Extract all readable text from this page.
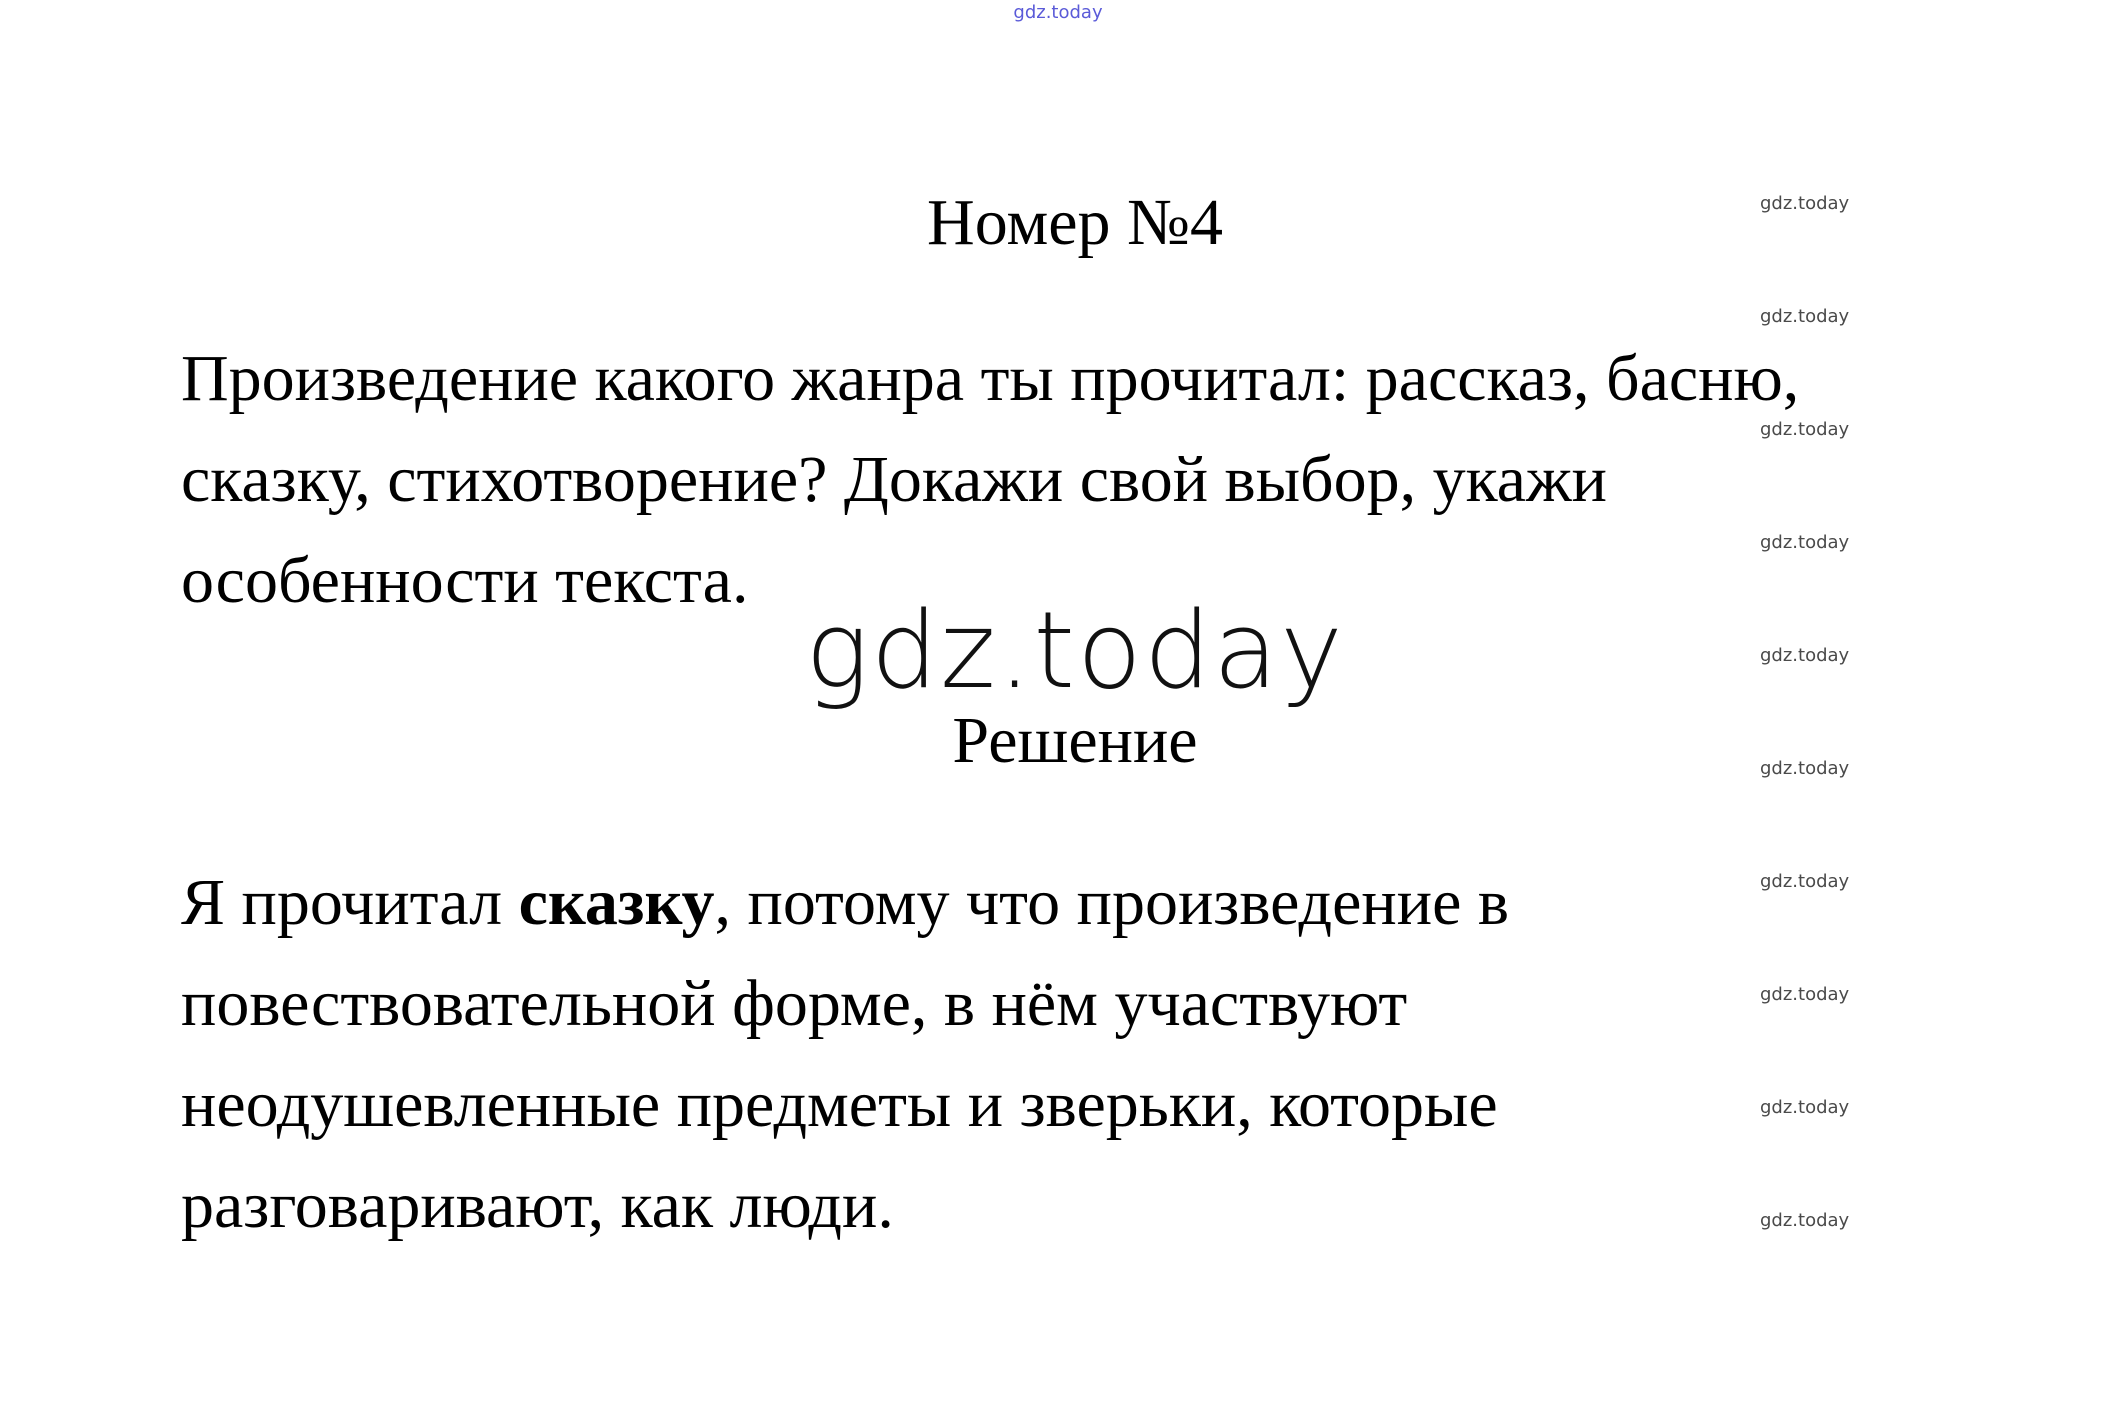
gdz.today
gdz.today
gdz.today
gdz.today
gdz.today
gdz.today
gdz.today
gdz.today
gdz.today
gdz.today
gdz.today
Номер №4

Произведение какого жанра ты прочитал: рассказ, басню,
сказку, стихотворение? Докажи свой выбор, укажи
особенности текста.

gdz.today
Решение

Я прочитал сказку, потому что произведение в
повествовательной форме, в нём участвуют
неодушевленные предметы и зверьки, которые
разговаривают, как люди.
